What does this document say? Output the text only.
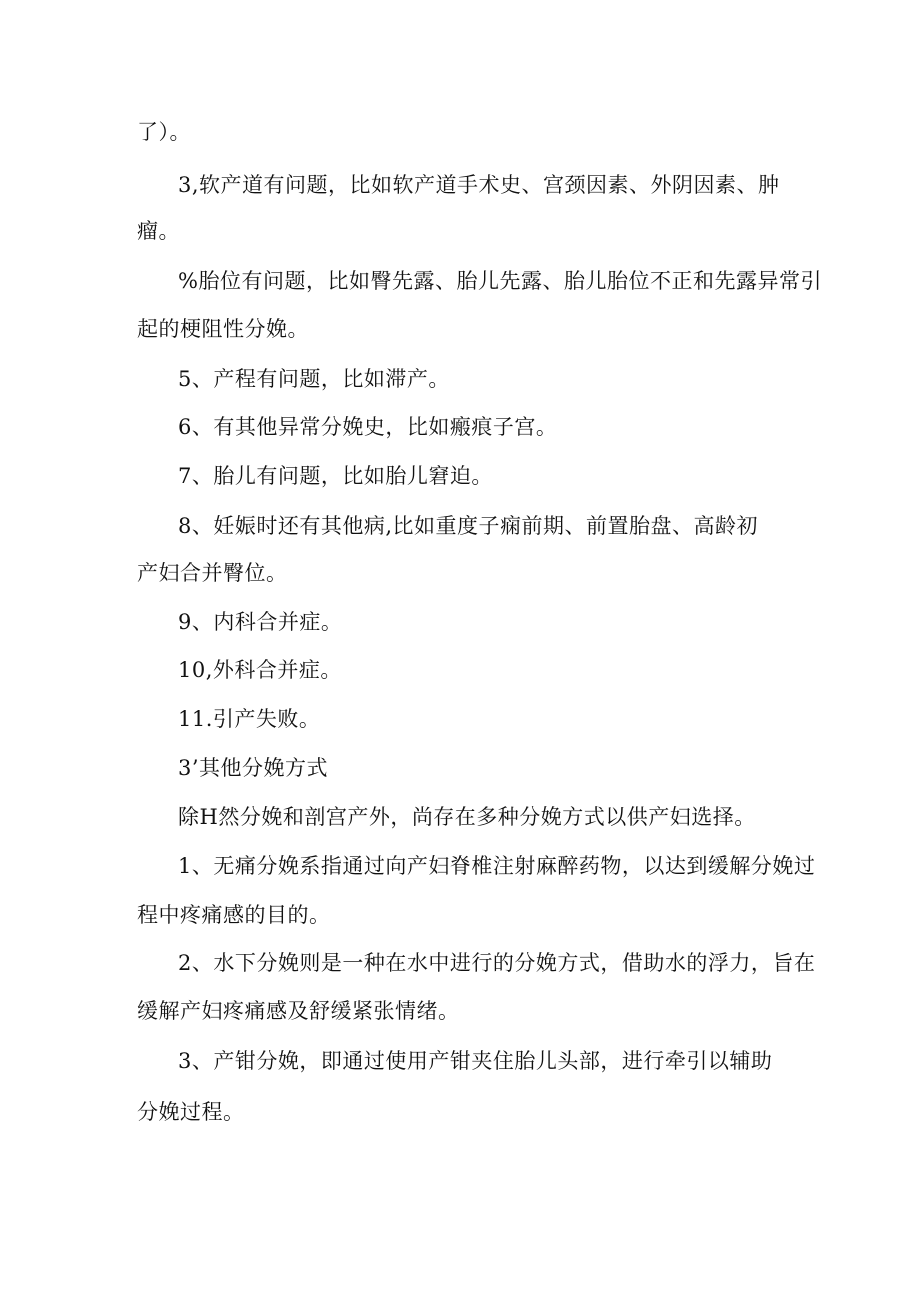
了）。
3,软产道有问题，比如软产道手术史、宫颈因素、外阴因素、肿
瘤。
%胎位有问题，比如臀先露、胎儿先露、胎儿胎位不正和先露异常引
起的梗阻性分娩。
5、产程有问题，比如滞产。
6、有其他异常分娩史，比如瘢痕子宫。
7、胎儿有问题，比如胎儿窘迫。
8、妊娠时还有其他病,比如重度子痫前期、前置胎盘、高龄初
产妇合并臀位。
9、内科合并症。
10,外科合并症。
11.引产失败。
3’其他分娩方式
除H然分娩和剖宫产外，尚存在多种分娩方式以供产妇选择。
1、无痛分娩系指通过向产妇脊椎注射麻醉药物，以达到缓解分娩过
程中疼痛感的目的。
2、水下分娩则是一种在水中进行的分娩方式，借助水的浮力，旨在
缓解产妇疼痛感及舒缓紧张情绪。
3、产钳分娩，即通过使用产钳夹住胎儿头部，进行牵引以辅助
分娩过程。
